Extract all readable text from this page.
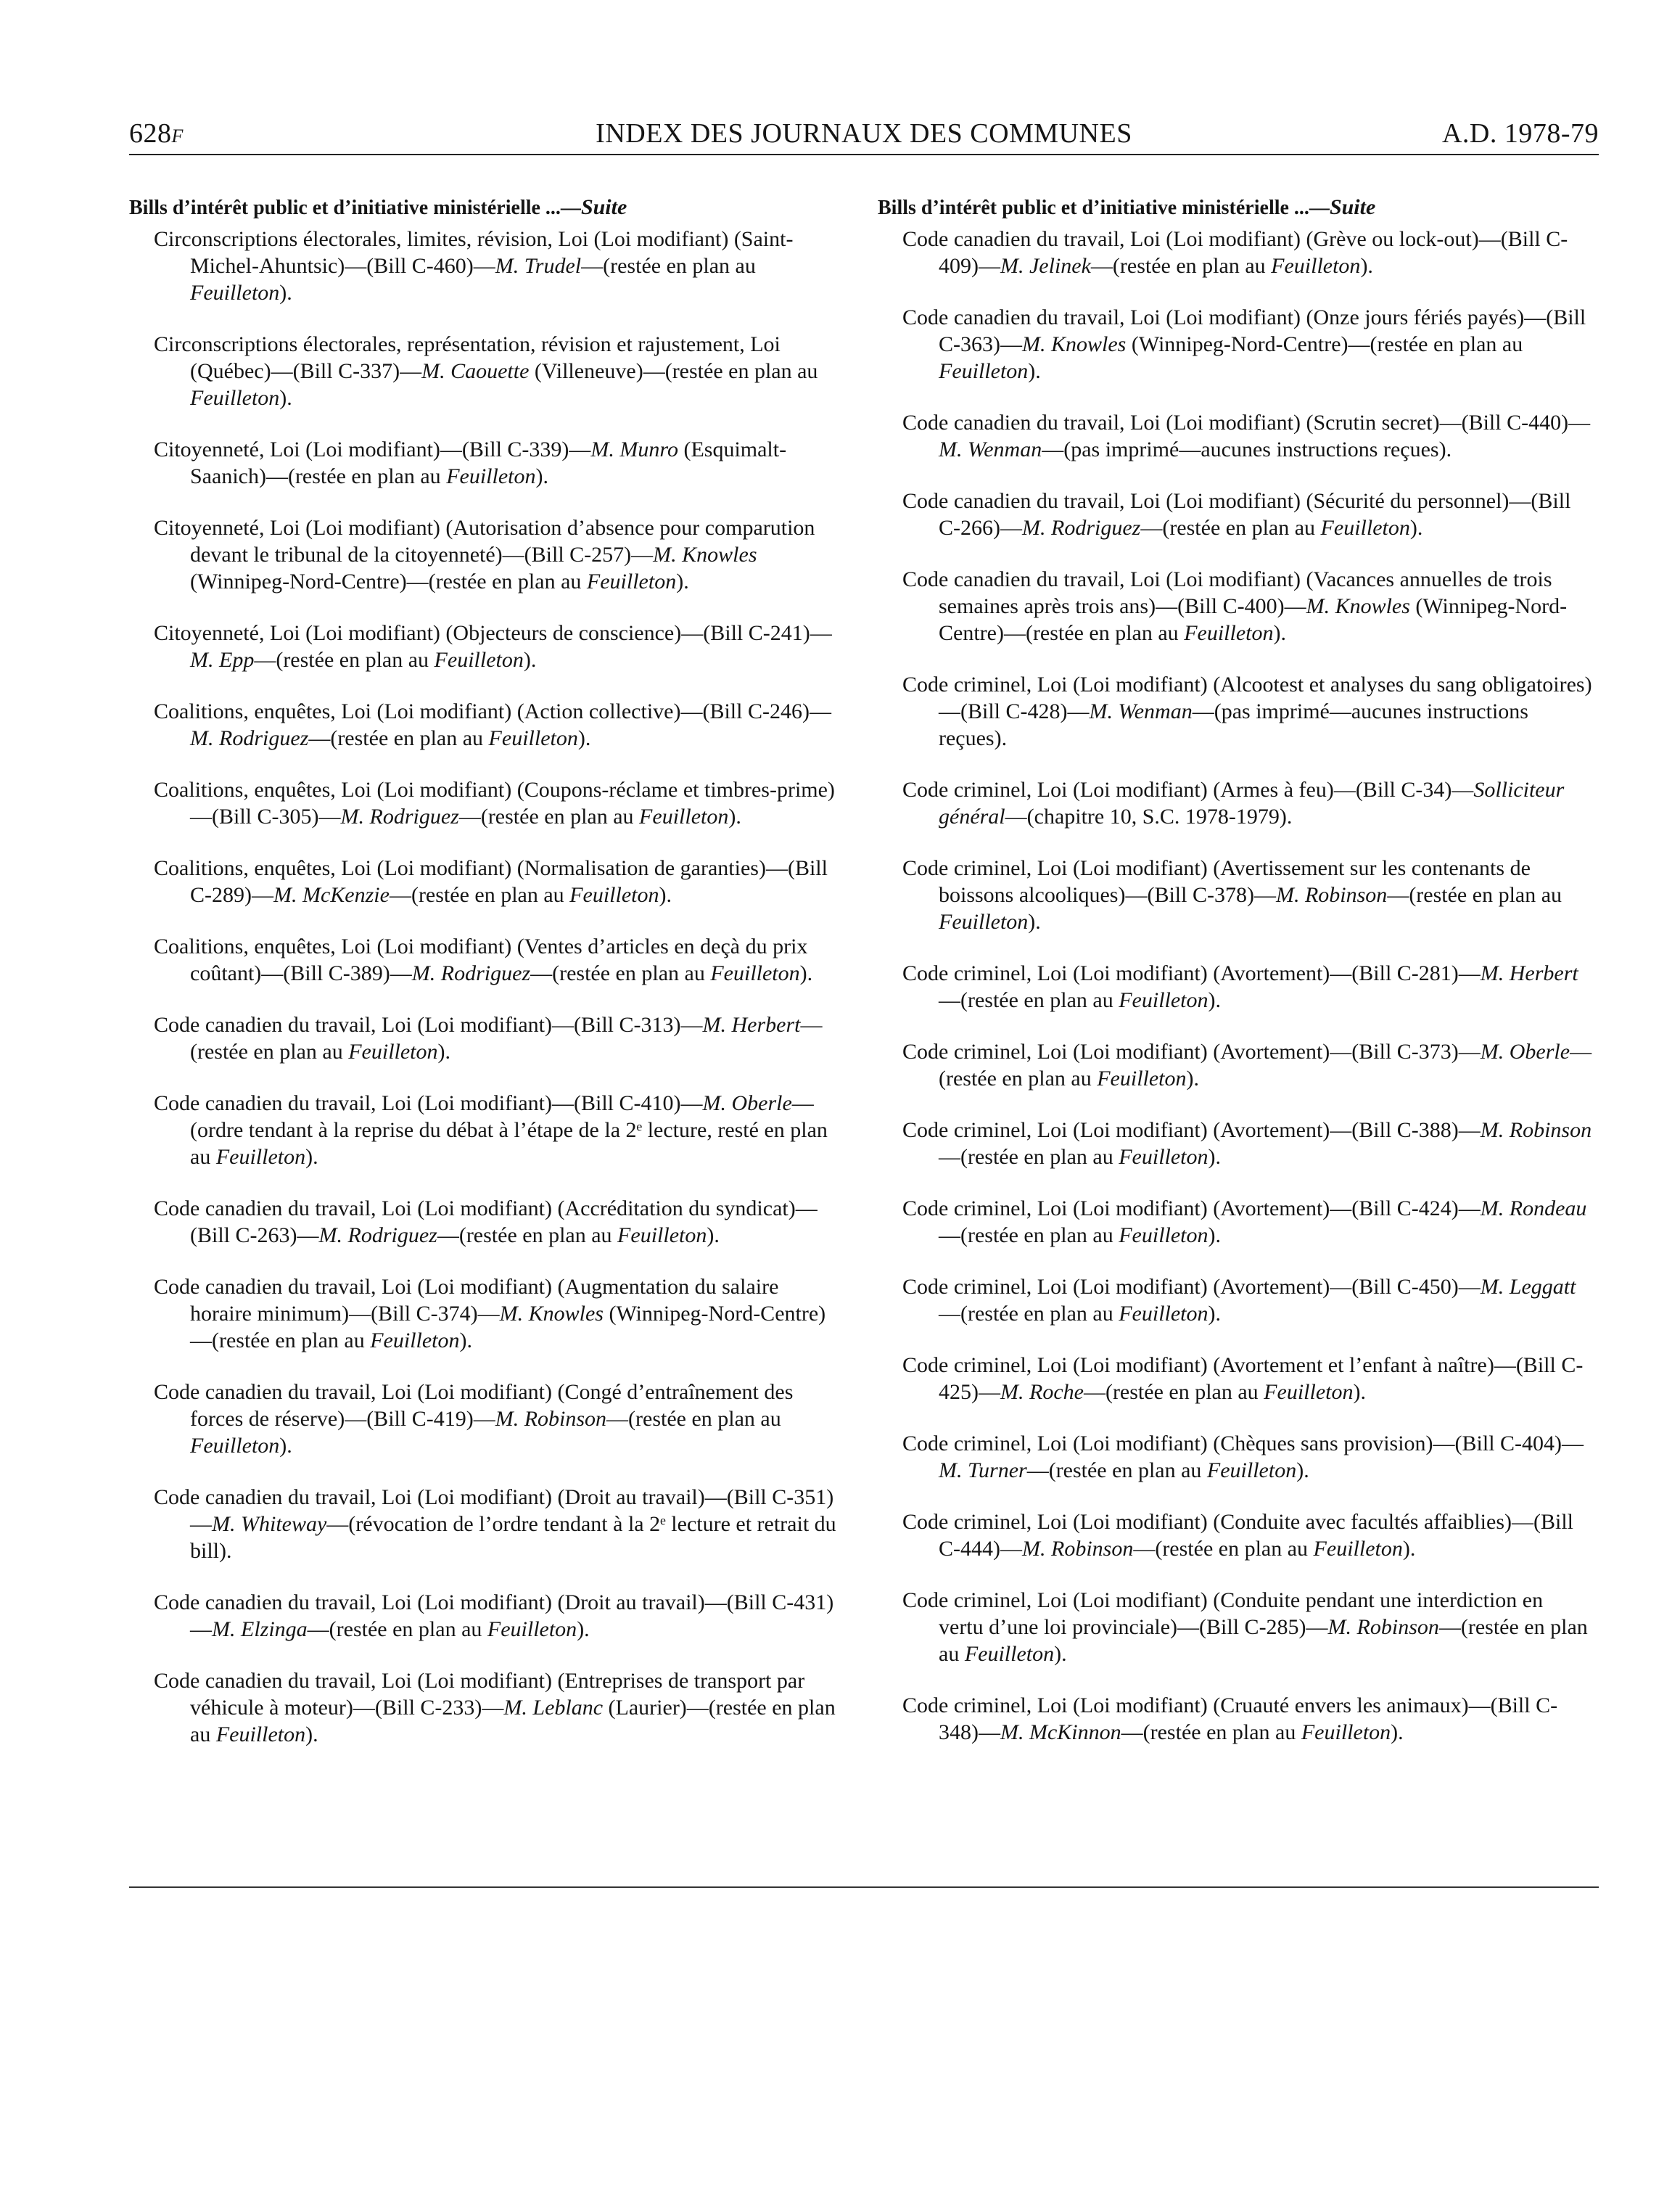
628F	INDEX DES JOURNAUX DES COMMUNES	A.D. 1978-79
Bills d’intérêt public et d’initiative ministérielle ...—Suite

Circonscriptions électorales, limites, révision, Loi (Loi modifiant) (Saint-Michel-Ahuntsic)—(Bill C-460)—M. Trudel—(restée en plan au Feuilleton).

Circonscriptions électorales, représentation, révision et rajustement, Loi (Québec)—(Bill C-337)—M. Caouette (Villeneuve)—(restée en plan au Feuilleton).

Citoyenneté, Loi (Loi modifiant)—(Bill C-339)—M. Munro (Esquimalt-Saanich)—(restée en plan au Feuilleton).

Citoyenneté, Loi (Loi modifiant) (Autorisation d’absence pour comparution devant le tribunal de la citoyenneté)—(Bill C-257)—M. Knowles (Winnipeg-Nord-Centre)—(restée en plan au Feuilleton).

Citoyenneté, Loi (Loi modifiant) (Objecteurs de conscience)—(Bill C-241)—M. Epp—(restée en plan au Feuilleton).

Coalitions, enquêtes, Loi (Loi modifiant) (Action collective)—(Bill C-246)—M. Rodriguez—(restée en plan au Feuilleton).

Coalitions, enquêtes, Loi (Loi modifiant) (Coupons-réclame et timbres-prime)—(Bill C-305)—M. Rodriguez—(restée en plan au Feuilleton).

Coalitions, enquêtes, Loi (Loi modifiant) (Normalisation de garanties)—(Bill C-289)—M. McKenzie—(restée en plan au Feuilleton).

Coalitions, enquêtes, Loi (Loi modifiant) (Ventes d’articles en deçà du prix coûtant)—(Bill C-389)—M. Rodriguez—(restée en plan au Feuilleton).

Code canadien du travail, Loi (Loi modifiant)—(Bill C-313)—M. Herbert—(restée en plan au Feuilleton).

Code canadien du travail, Loi (Loi modifiant)—(Bill C-410)—M. Oberle—(ordre tendant à la reprise du débat à l’étape de la 2ᵉ lecture, resté en plan au Feuilleton).

Code canadien du travail, Loi (Loi modifiant) (Accréditation du syndicat)—(Bill C-263)—M. Rodriguez—(restée en plan au Feuilleton).

Code canadien du travail, Loi (Loi modifiant) (Augmentation du salaire horaire minimum)—(Bill C-374)—M. Knowles (Winnipeg-Nord-Centre)—(restée en plan au Feuilleton).

Code canadien du travail, Loi (Loi modifiant) (Congé d’entraînement des forces de réserve)—(Bill C-419)—M. Robinson—(restée en plan au Feuilleton).

Code canadien du travail, Loi (Loi modifiant) (Droit au travail)—(Bill C-351)—M. Whiteway—(révocation de l’ordre tendant à la 2ᵉ lecture et retrait du bill).

Code canadien du travail, Loi (Loi modifiant) (Droit au travail)—(Bill C-431)—M. Elzinga—(restée en plan au Feuilleton).

Code canadien du travail, Loi (Loi modifiant) (Entreprises de transport par véhicule à moteur)—(Bill C-233)—M. Leblanc (Laurier)—(restée en plan au Feuilleton).

Bills d’intérêt public et d’initiative ministérielle ...—Suite

Code canadien du travail, Loi (Loi modifiant) (Grève ou lock-out)—(Bill C-409)—M. Jelinek—(restée en plan au Feuilleton).

Code canadien du travail, Loi (Loi modifiant) (Onze jours fériés payés)—(Bill C-363)—M. Knowles (Winnipeg-Nord-Centre)—(restée en plan au Feuilleton).

Code canadien du travail, Loi (Loi modifiant) (Scrutin secret)—(Bill C-440)—M. Wenman—(pas imprimé—aucunes instructions reçues).

Code canadien du travail, Loi (Loi modifiant) (Sécurité du personnel)—(Bill C-266)—M. Rodriguez—(restée en plan au Feuilleton).

Code canadien du travail, Loi (Loi modifiant) (Vacances annuelles de trois semaines après trois ans)—(Bill C-400)—M. Knowles (Winnipeg-Nord-Centre)—(restée en plan au Feuilleton).

Code criminel, Loi (Loi modifiant) (Alcootest et analyses du sang obligatoires)—(Bill C-428)—M. Wenman—(pas imprimé—aucunes instructions reçues).

Code criminel, Loi (Loi modifiant) (Armes à feu)—(Bill C-34)—Solliciteur général—(chapitre 10, S.C. 1978-1979).

Code criminel, Loi (Loi modifiant) (Avertissement sur les contenants de boissons alcooliques)—(Bill C-378)—M. Robinson—(restée en plan au Feuilleton).

Code criminel, Loi (Loi modifiant) (Avortement)—(Bill C-281)—M. Herbert—(restée en plan au Feuilleton).

Code criminel, Loi (Loi modifiant) (Avortement)—(Bill C-373)—M. Oberle—(restée en plan au Feuilleton).

Code criminel, Loi (Loi modifiant) (Avortement)—(Bill C-388)—M. Robinson—(restée en plan au Feuilleton).

Code criminel, Loi (Loi modifiant) (Avortement)—(Bill C-424)—M. Rondeau—(restée en plan au Feuilleton).

Code criminel, Loi (Loi modifiant) (Avortement)—(Bill C-450)—M. Leggatt—(restée en plan au Feuilleton).

Code criminel, Loi (Loi modifiant) (Avortement et l’enfant à naître)—(Bill C-425)—M. Roche—(restée en plan au Feuilleton).

Code criminel, Loi (Loi modifiant) (Chèques sans provision)—(Bill C-404)—M. Turner—(restée en plan au Feuilleton).

Code criminel, Loi (Loi modifiant) (Conduite avec facultés affaiblies)—(Bill C-444)—M. Robinson—(restée en plan au Feuilleton).

Code criminel, Loi (Loi modifiant) (Conduite pendant une interdiction en vertu d’une loi provinciale)—(Bill C-285)—M. Robinson—(restée en plan au Feuilleton).

Code criminel, Loi (Loi modifiant) (Cruauté envers les animaux)—(Bill C-348)—M. McKinnon—(restée en plan au Feuilleton).
